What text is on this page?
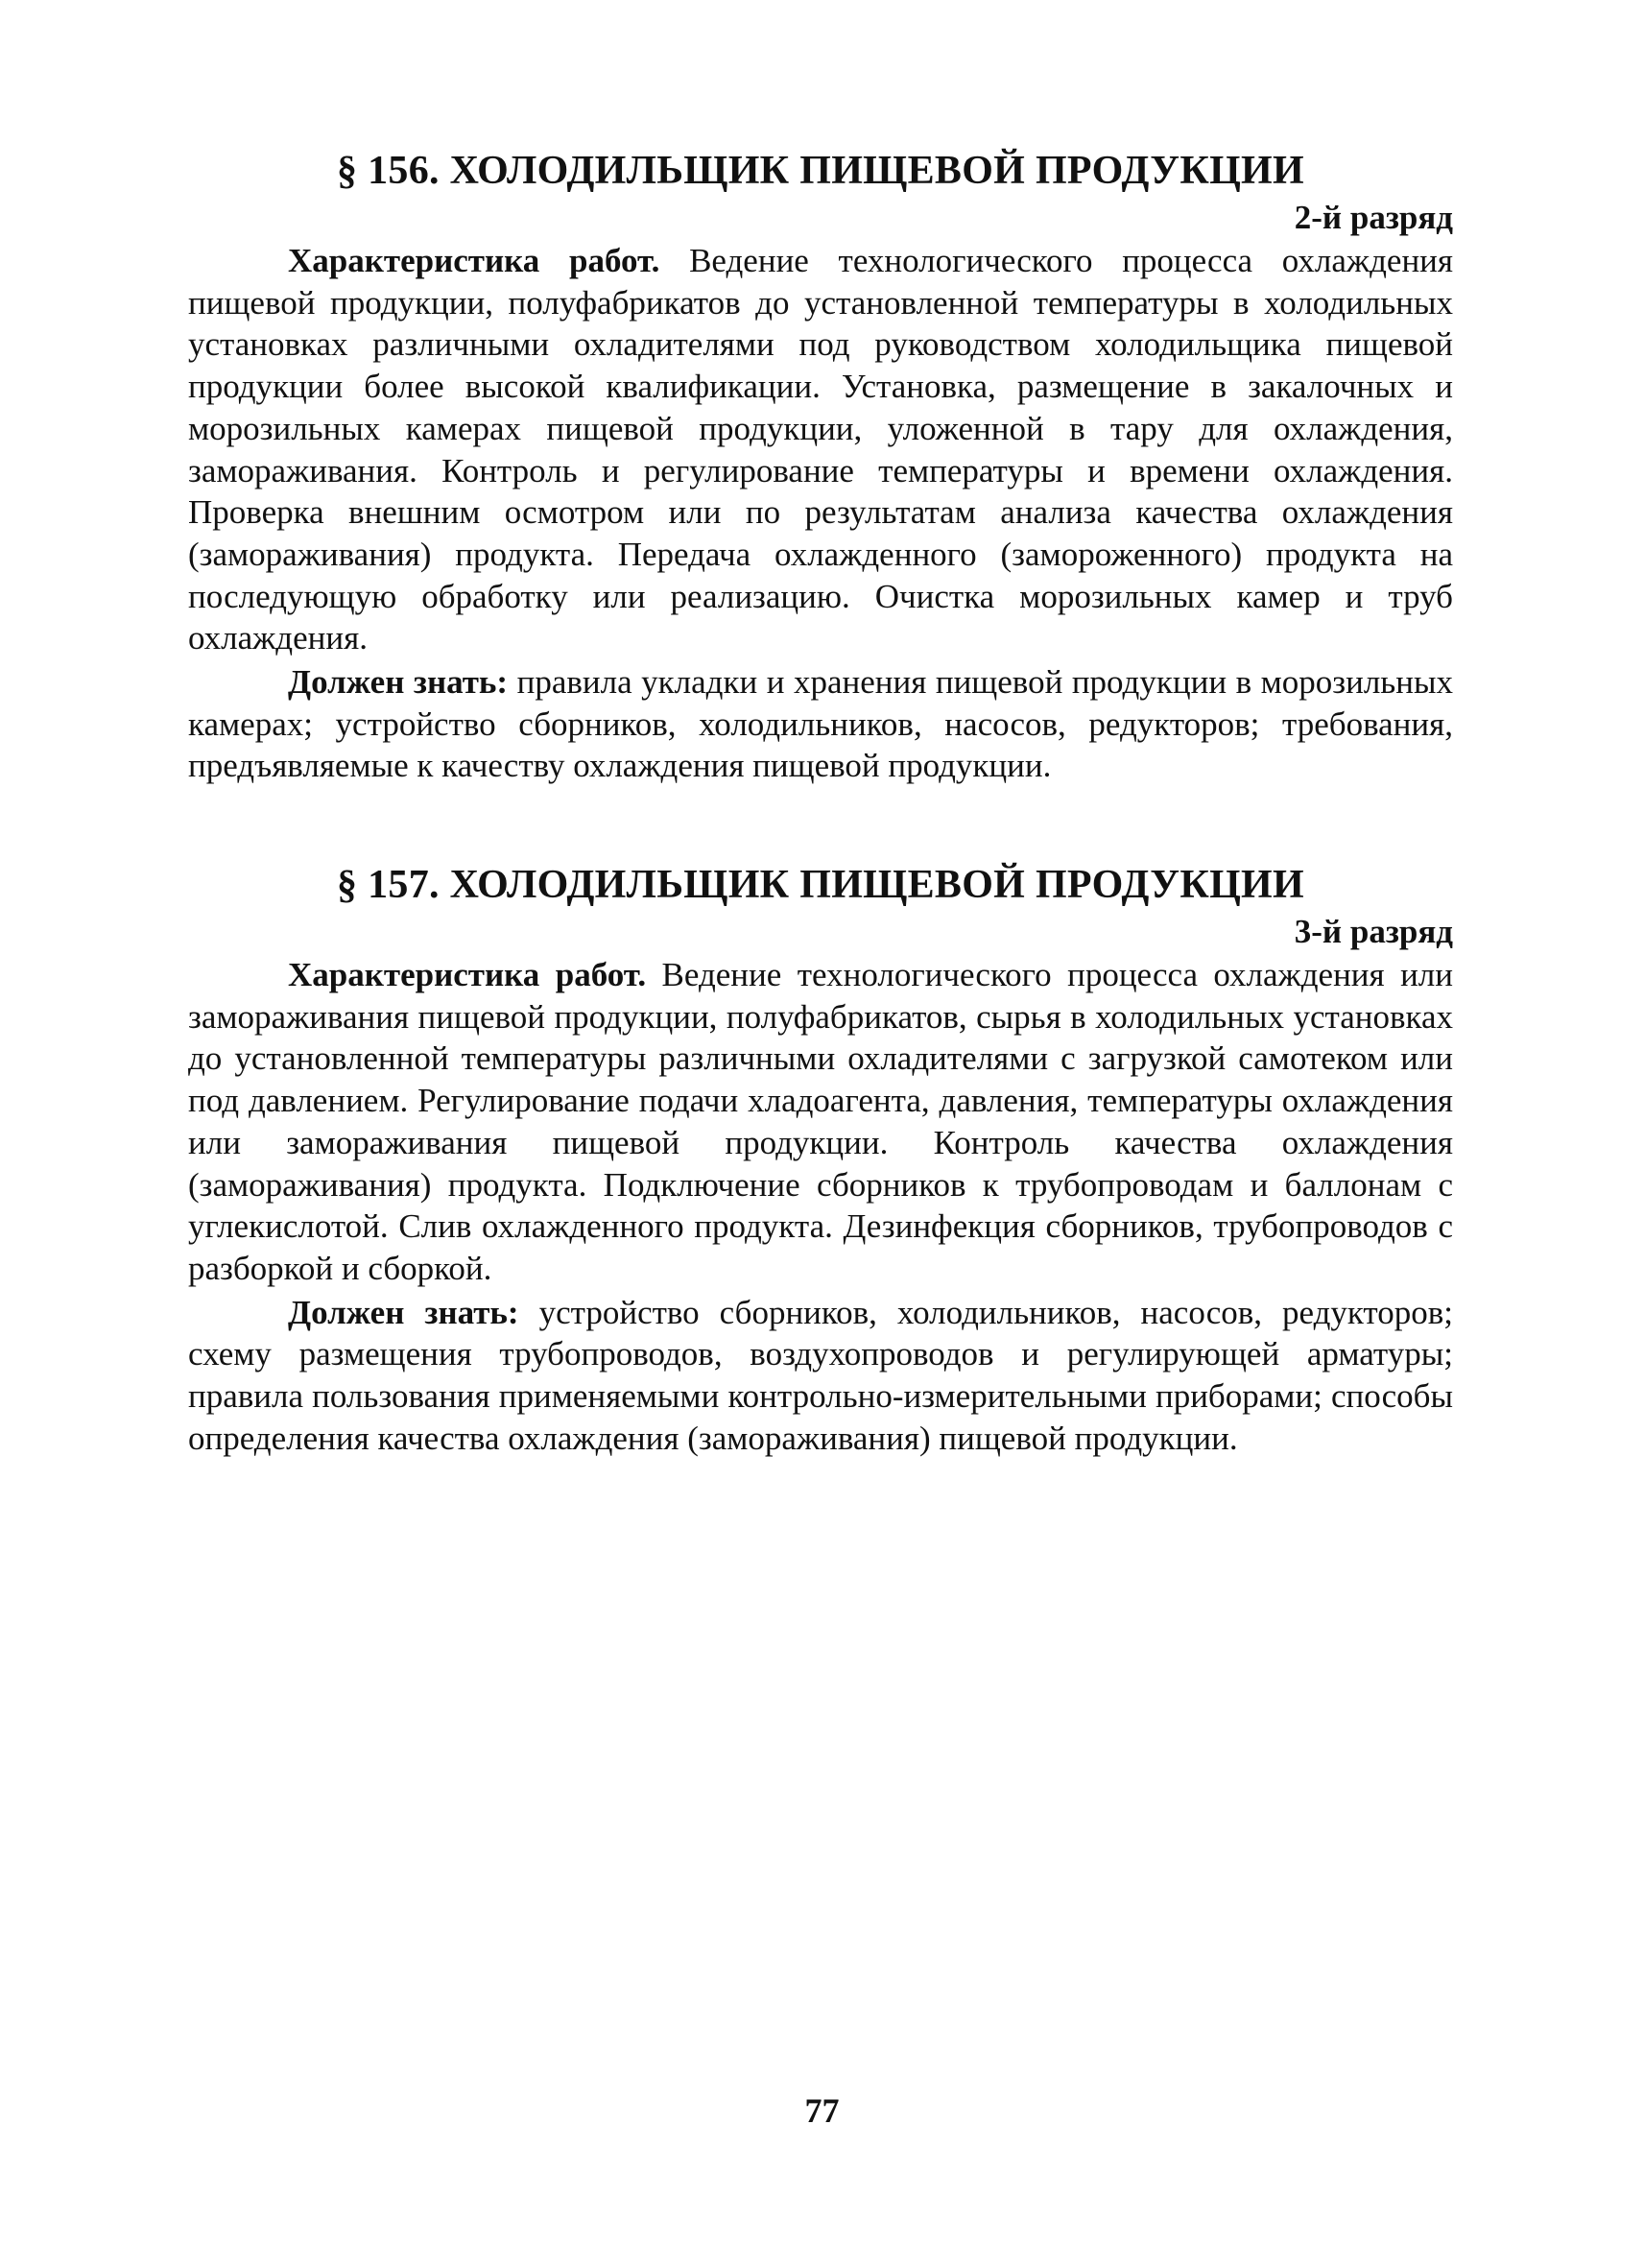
§ 156. ХОЛОДИЛЬЩИК ПИЩЕВОЙ ПРОДУКЦИИ

2-й разряд

Характеристика работ. Ведение технологического процесса охлаждения пищевой продукции, полуфабрикатов до установленной температуры в холодильных установках различными охладителями под руководством холодильщика пищевой продукции более высокой квалификации. Установка, размещение в закалочных и морозильных камерах пищевой продукции, уложенной в тару для охлаждения, замораживания. Контроль и регулирование температуры и времени охлаждения. Проверка внешним осмотром или по результатам анализа качества охлаждения (замораживания) продукта. Передача охлажденного (замороженного) продукта на последующую обработку или реализацию. Очистка морозильных камер и труб охлаждения.

Должен знать: правила укладки и хранения пищевой продукции в морозильных камерах; устройство сборников, холодильников, насосов, редукторов; требования, предъявляемые к качеству охлаждения пищевой продукции.

§ 157. ХОЛОДИЛЬЩИК ПИЩЕВОЙ ПРОДУКЦИИ

3-й разряд

Характеристика работ. Ведение технологического процесса охлаждения или замораживания пищевой продукции, полуфабрикатов, сырья в холодильных установках до установленной температуры различными охладителями с загрузкой самотеком или под давлением. Регулирование подачи хладоагента, давления, температуры охлаждения или замораживания пищевой продукции. Контроль качества охлаждения (замораживания) продукта. Подключение сборников к трубопроводам и баллонам с углекислотой. Слив охлажденного продукта. Дезинфекция сборников, трубопроводов с разборкой и сборкой.

Должен знать: устройство сборников, холодильников, насосов, редукторов; схему размещения трубопроводов, воздухопроводов и регулирующей арматуры; правила пользования применяемыми контрольно-измерительными приборами; способы определения качества охлаждения (замораживания) пищевой продукции.

77
